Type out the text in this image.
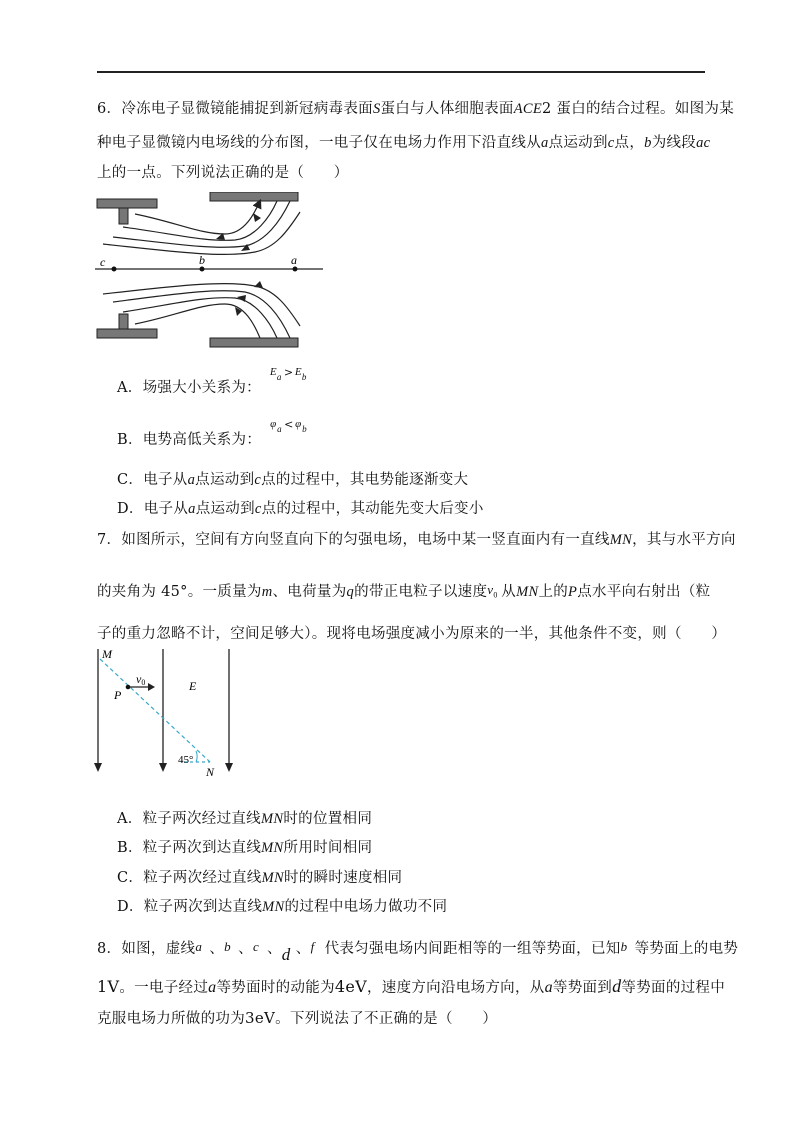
6．冷冻电子显微镜能捕捉到新冠病毒表面S蛋白与人体细胞表面ACE2 蛋白的结合过程。如图为某
种电子显微镜内电场线的分布图，一电子仅在电场力作用下沿直线从a点运动到c点，b为线段ac
上的一点。下列说法正确的是（　　）
c	b	a
A．场强大小关系为：
E a > E b
B．电势高低关系为：
φ a < φ b
C．电子从a点运动到c点的过程中，其电势能逐渐变大
D．电子从a点运动到c点的过程中，其动能先变大后变小
7．如图所示，空间有方向竖直向下的匀强电场，电场中某一竖直面内有一直线MN，其与水平方向
的夹角为 45°。一质量为m、电荷量为q的带正电粒子以速度 $v_0$ 从MN上的P点水平向右射出（粒
子的重力忽略不计，空间足够大）。现将电场强度减小为原来的一半，其他条件不变，则（　　）
M
P
v0	E
45°
N
A．粒子两次经过直线MN时的位置相同
B．粒子两次到达直线MN所用时间相同
C．粒子两次经过直线MN时的瞬时速度相同
D．粒子两次到达直线MN的过程中电场力做功不同
8．如图，虚线 a 、 b 、 c 、 d 、 f 代表匀强电场内间距相等的一组等势面，已知 b 等势面上的电势
1V。一电子经过a等势面时的动能为4eV，速度方向沿电场方向，从a等势面到d等势面的过程中
克服电场力所做的功为3eV。下列说法了不正确的是（　　）
